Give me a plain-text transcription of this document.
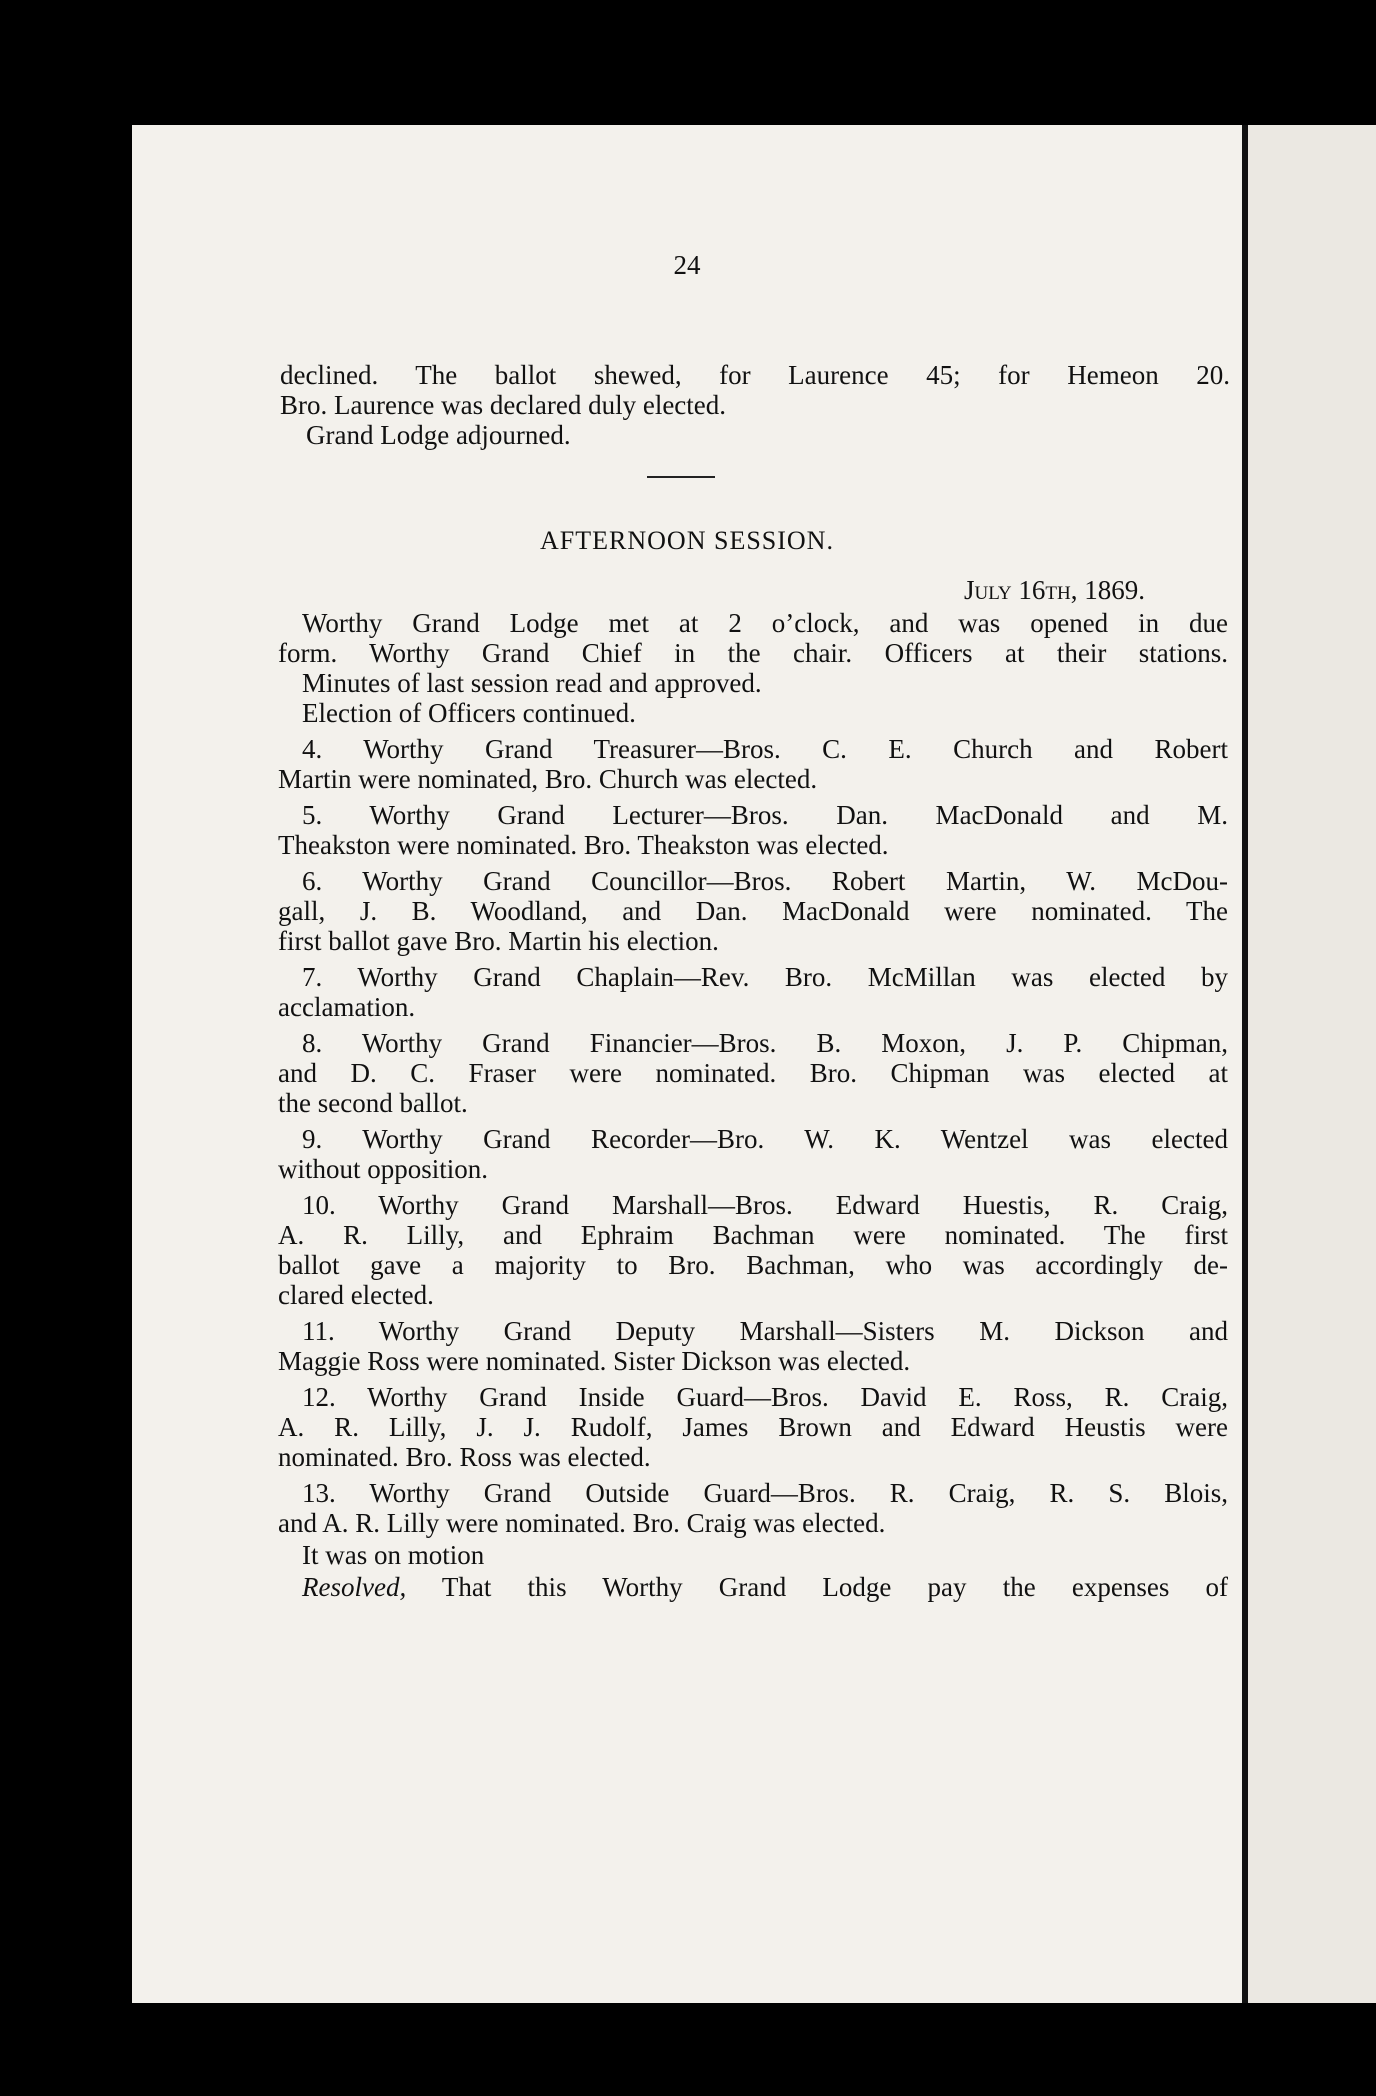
24
declined. The ballot shewed, for Laurence 45; for Hemeon 20.
Bro. Laurence was declared duly elected.
Grand Lodge adjourned.
AFTERNOON SESSION.
July 16th, 1869.
Worthy Grand Lodge met at 2 o’clock, and was opened in due
form. Worthy Grand Chief in the chair. Officers at their stations.
Minutes of last session read and approved.
Election of Officers continued.
4. Worthy Grand Treasurer—Bros. C. E. Church and Robert
Martin were nominated, Bro. Church was elected.
5. Worthy Grand Lecturer—Bros. Dan. MacDonald and M.
Theakston were nominated. Bro. Theakston was elected.
6. Worthy Grand Councillor—Bros. Robert Martin, W. McDou-
gall, J. B. Woodland, and Dan. MacDonald were nominated. The
first ballot gave Bro. Martin his election.
7. Worthy Grand Chaplain—Rev. Bro. McMillan was elected by
acclamation.
8. Worthy Grand Financier—Bros. B. Moxon, J. P. Chipman,
and D. C. Fraser were nominated. Bro. Chipman was elected at
the second ballot.
9. Worthy Grand Recorder—Bro. W. K. Wentzel was elected
without opposition.
10. Worthy Grand Marshall—Bros. Edward Huestis, R. Craig,
A. R. Lilly, and Ephraim Bachman were nominated. The first
ballot gave a majority to Bro. Bachman, who was accordingly de-
clared elected.
11. Worthy Grand Deputy Marshall—Sisters M. Dickson and
Maggie Ross were nominated. Sister Dickson was elected.
12. Worthy Grand Inside Guard—Bros. David E. Ross, R. Craig,
A. R. Lilly, J. J. Rudolf, James Brown and Edward Heustis were
nominated. Bro. Ross was elected.
13. Worthy Grand Outside Guard—Bros. R. Craig, R. S. Blois,
and A. R. Lilly were nominated. Bro. Craig was elected.
It was on motion
Resolved, That this Worthy Grand Lodge pay the expenses of
